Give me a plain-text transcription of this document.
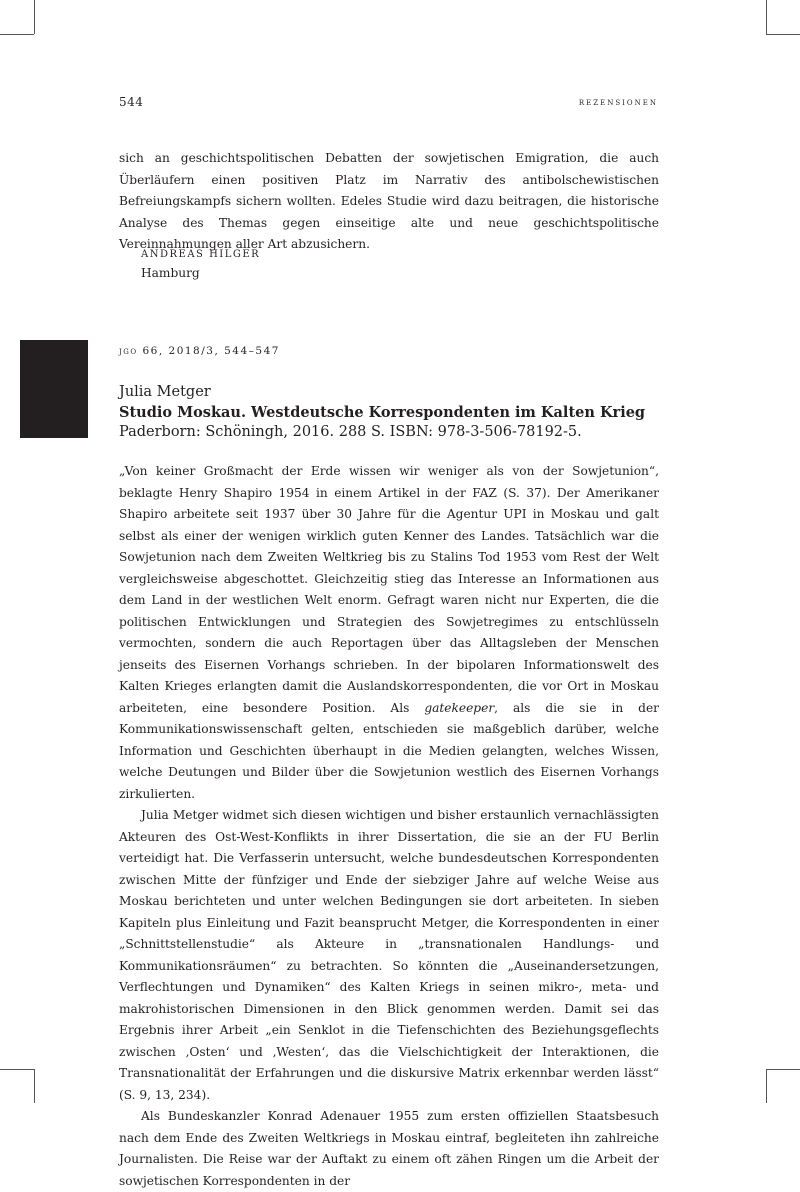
544	rezensionen

sich an geschichtspolitischen Debatten der sowjetischen Emigration, die auch Überläufern einen positiven Platz im Narrativ des antibolschewistischen Befreiungskampfs sichern wollten. Edeles Studie wird dazu beitragen, die historische Analyse des Themas gegen einseitige alte und neue geschichtspolitische Vereinnahmungen aller Art abzusichern.

ANDREAS HILGER
Hamburg
jgo 66, 2018/3, 544–547
Julia Metger
Studio Moskau. Westdeutsche Korrespondenten im Kalten Krieg
Paderborn: Schöningh, 2016. 288 S. ISBN: 978-3-506-78192-5.

„Von keiner Großmacht der Erde wissen wir weniger als von der Sowjetunion“, beklagte Henry Shapiro 1954 in einem Artikel in der FAZ (S. 37). Der Amerikaner Shapiro arbeitete seit 1937 über 30 Jahre für die Agentur UPI in Moskau und galt selbst als einer der wenigen wirklich guten Kenner des Landes. Tatsächlich war die Sowjetunion nach dem Zweiten Weltkrieg bis zu Stalins Tod 1953 vom Rest der Welt vergleichsweise abgeschottet. Gleichzeitig stieg das Interesse an Informationen aus dem Land in der westlichen Welt enorm. Gefragt waren nicht nur Experten, die die politischen Entwicklungen und Strategien des Sowjetregimes zu entschlüsseln vermochten, sondern die auch Reportagen über das Alltagsleben der Menschen jenseits des Eisernen Vorhangs schrieben. In der bipolaren Informationswelt des Kalten Krieges erlangten damit die Auslandskorrespondenten, die vor Ort in Moskau arbeiteten, eine besondere Position. Als gatekeeper, als die sie in der Kommunikationswissenschaft gelten, entschieden sie maßgeblich darüber, welche Information und Geschichten überhaupt in die Medien gelangten, welches Wissen, welche Deutungen und Bilder über die Sowjetunion westlich des Eisernen Vorhangs zirkulierten.

Julia Metger widmet sich diesen wichtigen und bisher erstaunlich vernachlässigten Akteuren des Ost-West-Konflikts in ihrer Dissertation, die sie an der FU Berlin verteidigt hat. Die Verfasserin untersucht, welche bundesdeutschen Korrespondenten zwischen Mitte der fünfziger und Ende der siebziger Jahre auf welche Weise aus Moskau berichteten und unter welchen Bedingungen sie dort arbeiteten. In sieben Kapiteln plus Einleitung und Fazit beansprucht Metger, die Korrespondenten in einer „Schnittstellenstudie“ als Akteure in „transnationalen Handlungs- und Kommunikationsräumen“ zu betrachten. So könnten die „Auseinandersetzungen, Verflechtungen und Dynamiken“ des Kalten Kriegs in seinen mikro-, meta- und makrohistorischen Dimensionen in den Blick genommen werden. Damit sei das Ergebnis ihrer Arbeit „ein Senklot in die Tiefenschichten des Beziehungsgeflechts zwischen ‚Osten‘ und ‚Westen‘, das die Vielschichtigkeit der Interaktionen, die Transnationalität der Erfahrungen und die diskursive Matrix erkennbar werden lässt“ (S. 9, 13, 234).

Als Bundeskanzler Konrad Adenauer 1955 zum ersten offiziellen Staatsbesuch nach dem Ende des Zweiten Weltkriegs in Moskau eintraf, begleiteten ihn zahlreiche Journalisten. Die Reise war der Auftakt zu einem oft zähen Ringen um die Arbeit der sowjetischen Korrespondenten in der
